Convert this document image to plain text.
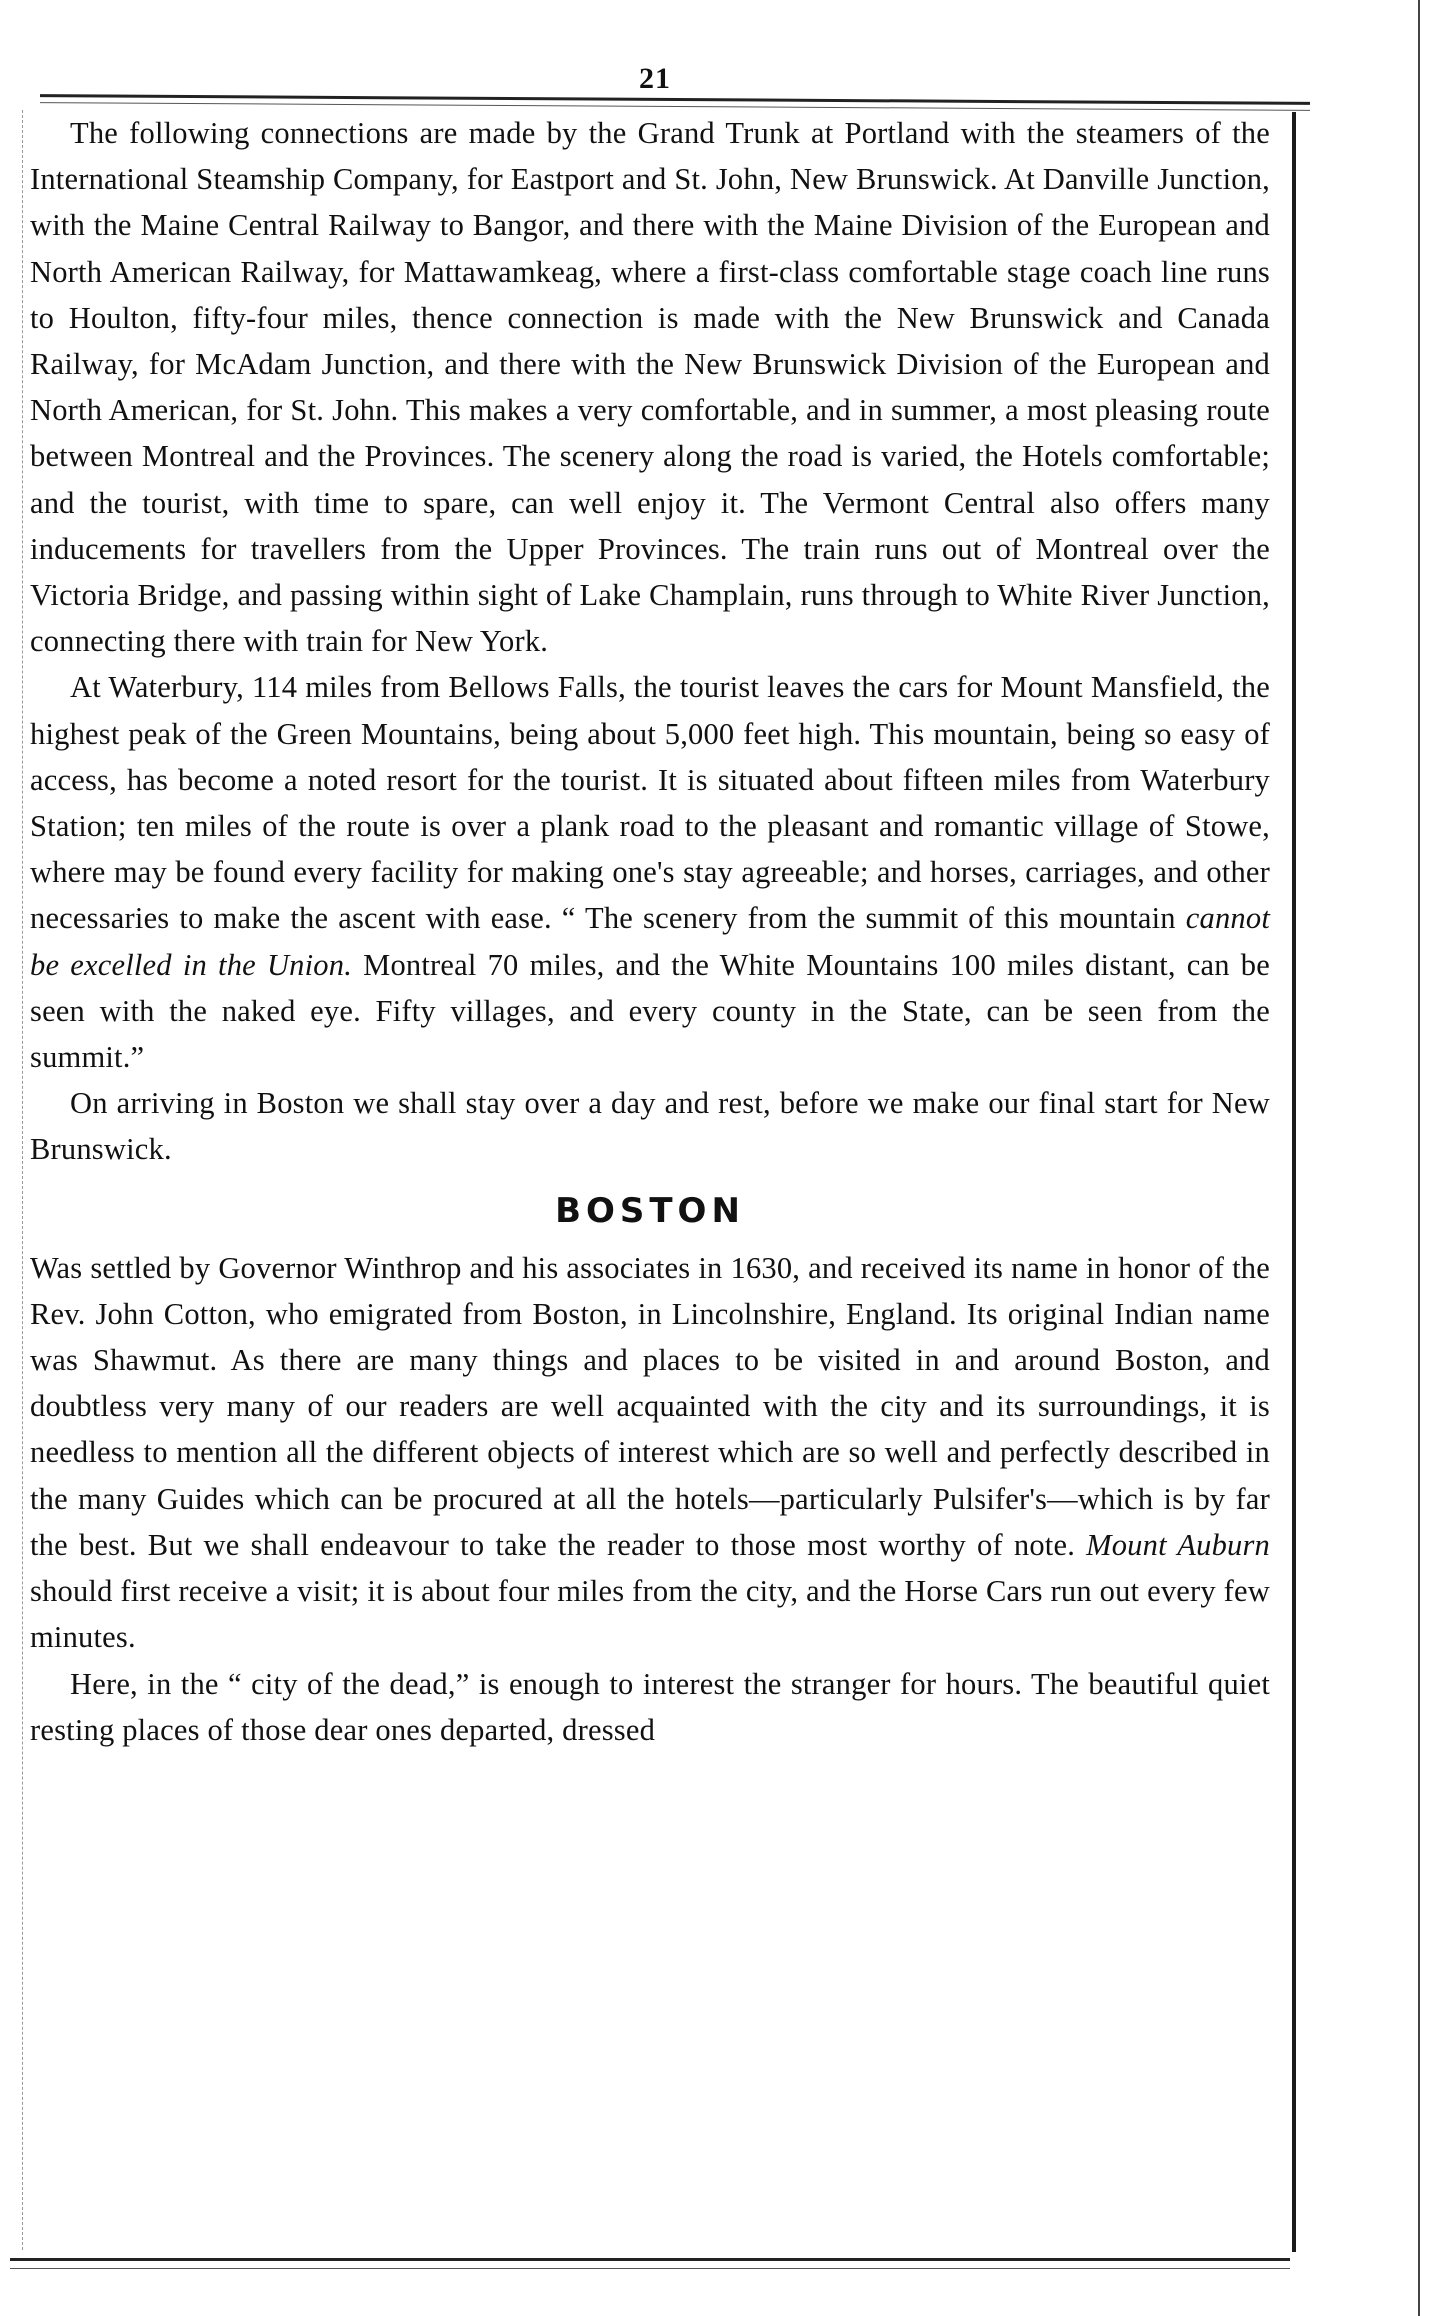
21

The following connections are made by the Grand Trunk at Portland with the steamers of the International Steamship Company, for Eastport and St. John, New Brunswick. At Danville Junction, with the Maine Central Railway to Bangor, and there with the Maine Division of the European and North American Railway, for Mattawamkeag, where a first-class comfortable stage coach line runs to Houlton, fifty-four miles, thence connection is made with the New Brunswick and Canada Railway, for McAdam Junction, and there with the New Brunswick Division of the European and North American, for St. John. This makes a very comfortable, and in summer, a most pleasing route between Montreal and the Provinces. The scenery along the road is varied, the Hotels comfortable; and the tourist, with time to spare, can well enjoy it. The Vermont Central also offers many inducements for travellers from the Upper Provinces. The train runs out of Montreal over the Victoria Bridge, and passing within sight of Lake Champlain, runs through to White River Junction, connecting there with train for New York.

At Waterbury, 114 miles from Bellows Falls, the tourist leaves the cars for Mount Mansfield, the highest peak of the Green Mountains, being about 5,000 feet high. This mountain, being so easy of access, has become a noted resort for the tourist. It is situated about fifteen miles from Waterbury Station; ten miles of the route is over a plank road to the pleasant and romantic village of Stowe, where may be found every facility for making one's stay agreeable; and horses, carriages, and other necessaries to make the ascent with ease. “ The scenery from the summit of this mountain cannot be excelled in the Union. Montreal 70 miles, and the White Mountains 100 miles distant, can be seen with the naked eye. Fifty villages, and every county in the State, can be seen from the summit.”

On arriving in Boston we shall stay over a day and rest, before we make our final start for New Brunswick.

BOSTON

Was settled by Governor Winthrop and his associates in 1630, and received its name in honor of the Rev. John Cotton, who emigrated from Boston, in Lincolnshire, England. Its original Indian name was Shawmut. As there are many things and places to be visited in and around Boston, and doubtless very many of our readers are well acquainted with the city and its surroundings, it is needless to mention all the different objects of interest which are so well and perfectly described in the many Guides which can be procured at all the hotels—particularly Pulsifer's—which is by far the best. But we shall endeavour to take the reader to those most worthy of note. Mount Auburn should first receive a visit; it is about four miles from the city, and the Horse Cars run out every few minutes.

Here, in the “ city of the dead,” is enough to interest the stranger for hours. The beautiful quiet resting places of those dear ones departed, dressed
